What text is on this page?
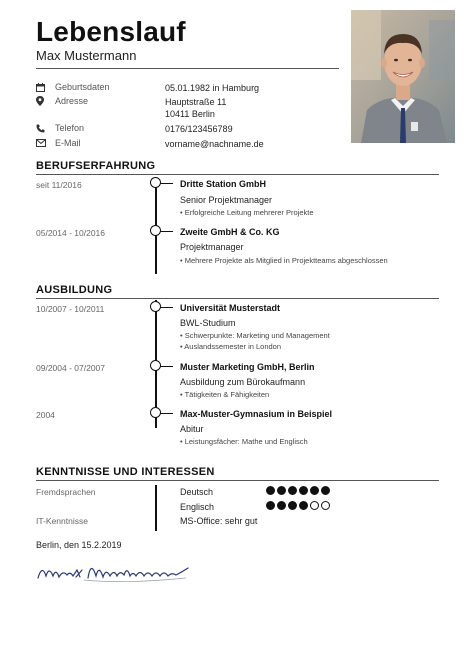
Lebenslauf
Max Mustermann
Geburtsdaten	05.01.1982 in Hamburg
Adresse	Hauptstraße 11
10411 Berlin
Telefon	0176/123456789
E-Mail	vorname@nachname.de
BERUFSERFAHRUNG
seit 11/2016	Dritte Station GmbH
Senior Projektmanager
• Erfolgreiche Leitung mehrerer Projekte
05/2014 - 10/2016	Zweite GmbH & Co. KG
Projektmanager
• Mehrere Projekte als Mitglied in Projektteams abgeschlossen
AUSBILDUNG
10/2007 - 10/2011	Universität Musterstadt
BWL-Studium
• Schwerpunkte: Marketing und Management
• Auslandssemester in London
09/2004 - 07/2007	Muster Marketing GmbH, Berlin
Ausbildung zum Bürokaufmann
• Tätigkeiten & Fähigkeiten
2004	Max-Muster-Gymnasium in Beispiel
Abitur
• Leistungsfächer: Mathe und Englisch
KENNTNISSE UND INTERESSEN
Fremdsprachen	Deutsch
Englisch
IT-Kenntnisse	MS-Office: sehr gut
Berlin, den 15.2.2019
